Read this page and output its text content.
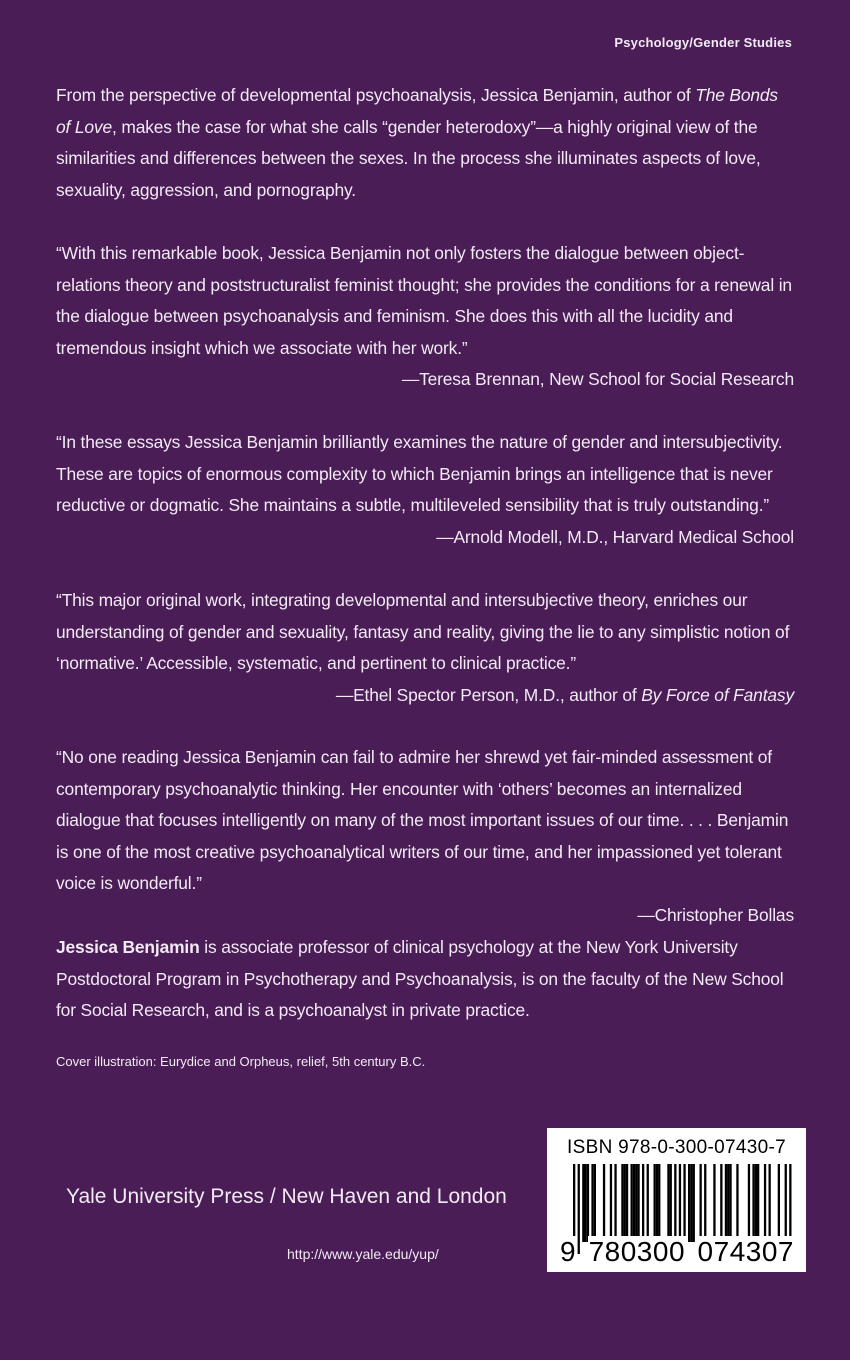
Psychology/Gender Studies

From the perspective of developmental psychoanalysis, Jessica Benjamin, author of The Bonds of Love, makes the case for what she calls “gender heterodoxy”—a highly original view of the similarities and differences between the sexes. In the process she illuminates aspects of love, sexuality, aggression, and pornography.

“With this remarkable book, Jessica Benjamin not only fosters the dialogue between object-relations theory and poststructuralist feminist thought; she provides the conditions for a renewal in the dialogue between psychoanalysis and feminism. She does this with all the lucidity and tremendous insight which we associate with her work.”

—Teresa Brennan, New School for Social Research

“In these essays Jessica Benjamin brilliantly examines the nature of gender and intersubjectivity. These are topics of enormous complexity to which Benjamin brings an intelligence that is never reductive or dogmatic. She maintains a subtle, multileveled sensibility that is truly outstanding.”

—Arnold Modell, M.D., Harvard Medical School

“This major original work, integrating developmental and intersubjective theory, enriches our understanding of gender and sexuality, fantasy and reality, giving the lie to any simplistic notion of ‘normative.’ Accessible, systematic, and pertinent to clinical practice.”

—Ethel Spector Person, M.D., author of By Force of Fantasy

“No one reading Jessica Benjamin can fail to admire her shrewd yet fair-minded assessment of contemporary psychoanalytic thinking. Her encounter with ‘others’ becomes an internalized dialogue that focuses intelligently on many of the most important issues of our time. . . . Benjamin is one of the most creative psychoanalytical writers of our time, and her impassioned yet tolerant voice is wonderful.”

—Christopher Bollas

Jessica Benjamin is associate professor of clinical psychology at the New York University Postdoctoral Program in Psychotherapy and Psychoanalysis, is on the faculty of the New School for Social Research, and is a psychoanalyst in private practice.

Cover illustration: Eurydice and Orpheus, relief, 5th century B.C.
Yale University Press / New Haven and London
http://www.yale.edu/yup/
ISBN 978-0-300-07430-7
9 780300 074307
